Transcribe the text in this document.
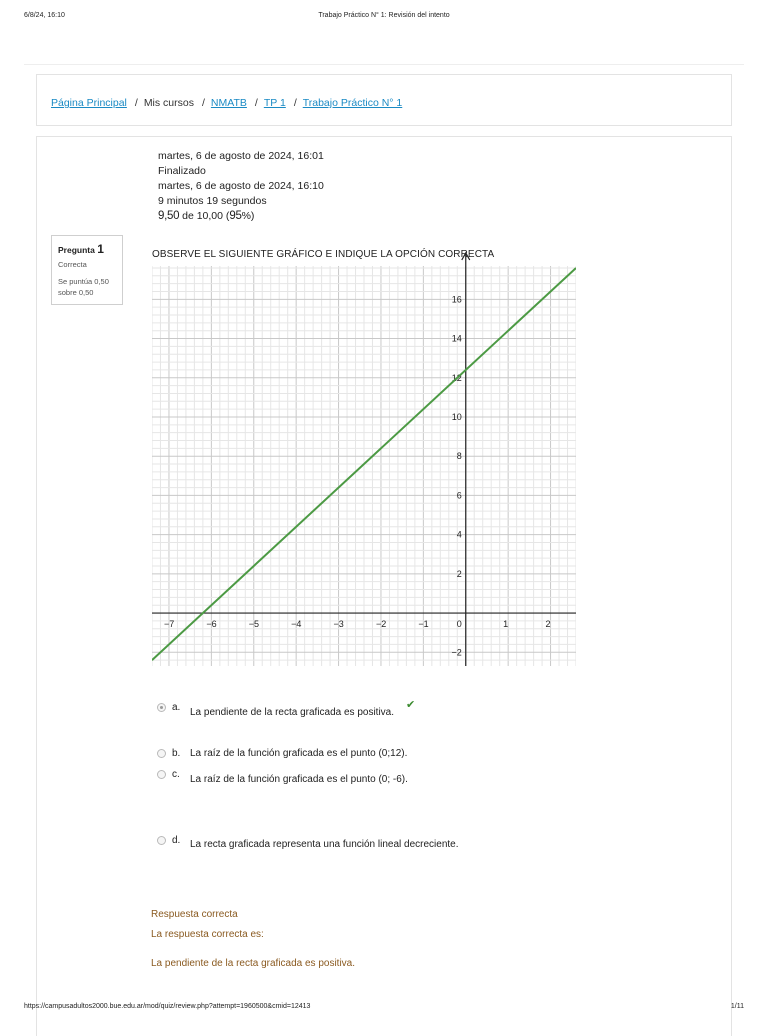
6/8/24, 16:10	Trabajo Práctico N° 1: Revisión del intento
Página Principal / Mis cursos / NMATB / TP 1 / Trabajo Práctico N° 1
martes, 6 de agosto de 2024, 16:01
Finalizado
martes, 6 de agosto de 2024, 16:10
9 minutos 19 segundos
9,50 de 10,00 (95%)
Pregunta 1
Correcta
Se puntúa 0,50 sobre 0,50
OBSERVE EL SIGUIENTE GRÁFICO E INDIQUE LA OPCIÓN CORRECTA
−7	−6	−5	−4	−3	−2	−1	0	1	2
−2
2
4
6
8
10
12
14
16
a. La pendiente de la recta graficada es positiva.
✔
b. La raíz de la función graficada es el punto (0;12).
c. La raíz de la función graficada es el punto (0; -6).
d. La recta graficada representa una función lineal decreciente.
Respuesta correcta
La respuesta correcta es:
La pendiente de la recta graficada es positiva.
https://campusadultos2000.bue.edu.ar/mod/quiz/review.php?attempt=1960500&cmid=12413	1/11
